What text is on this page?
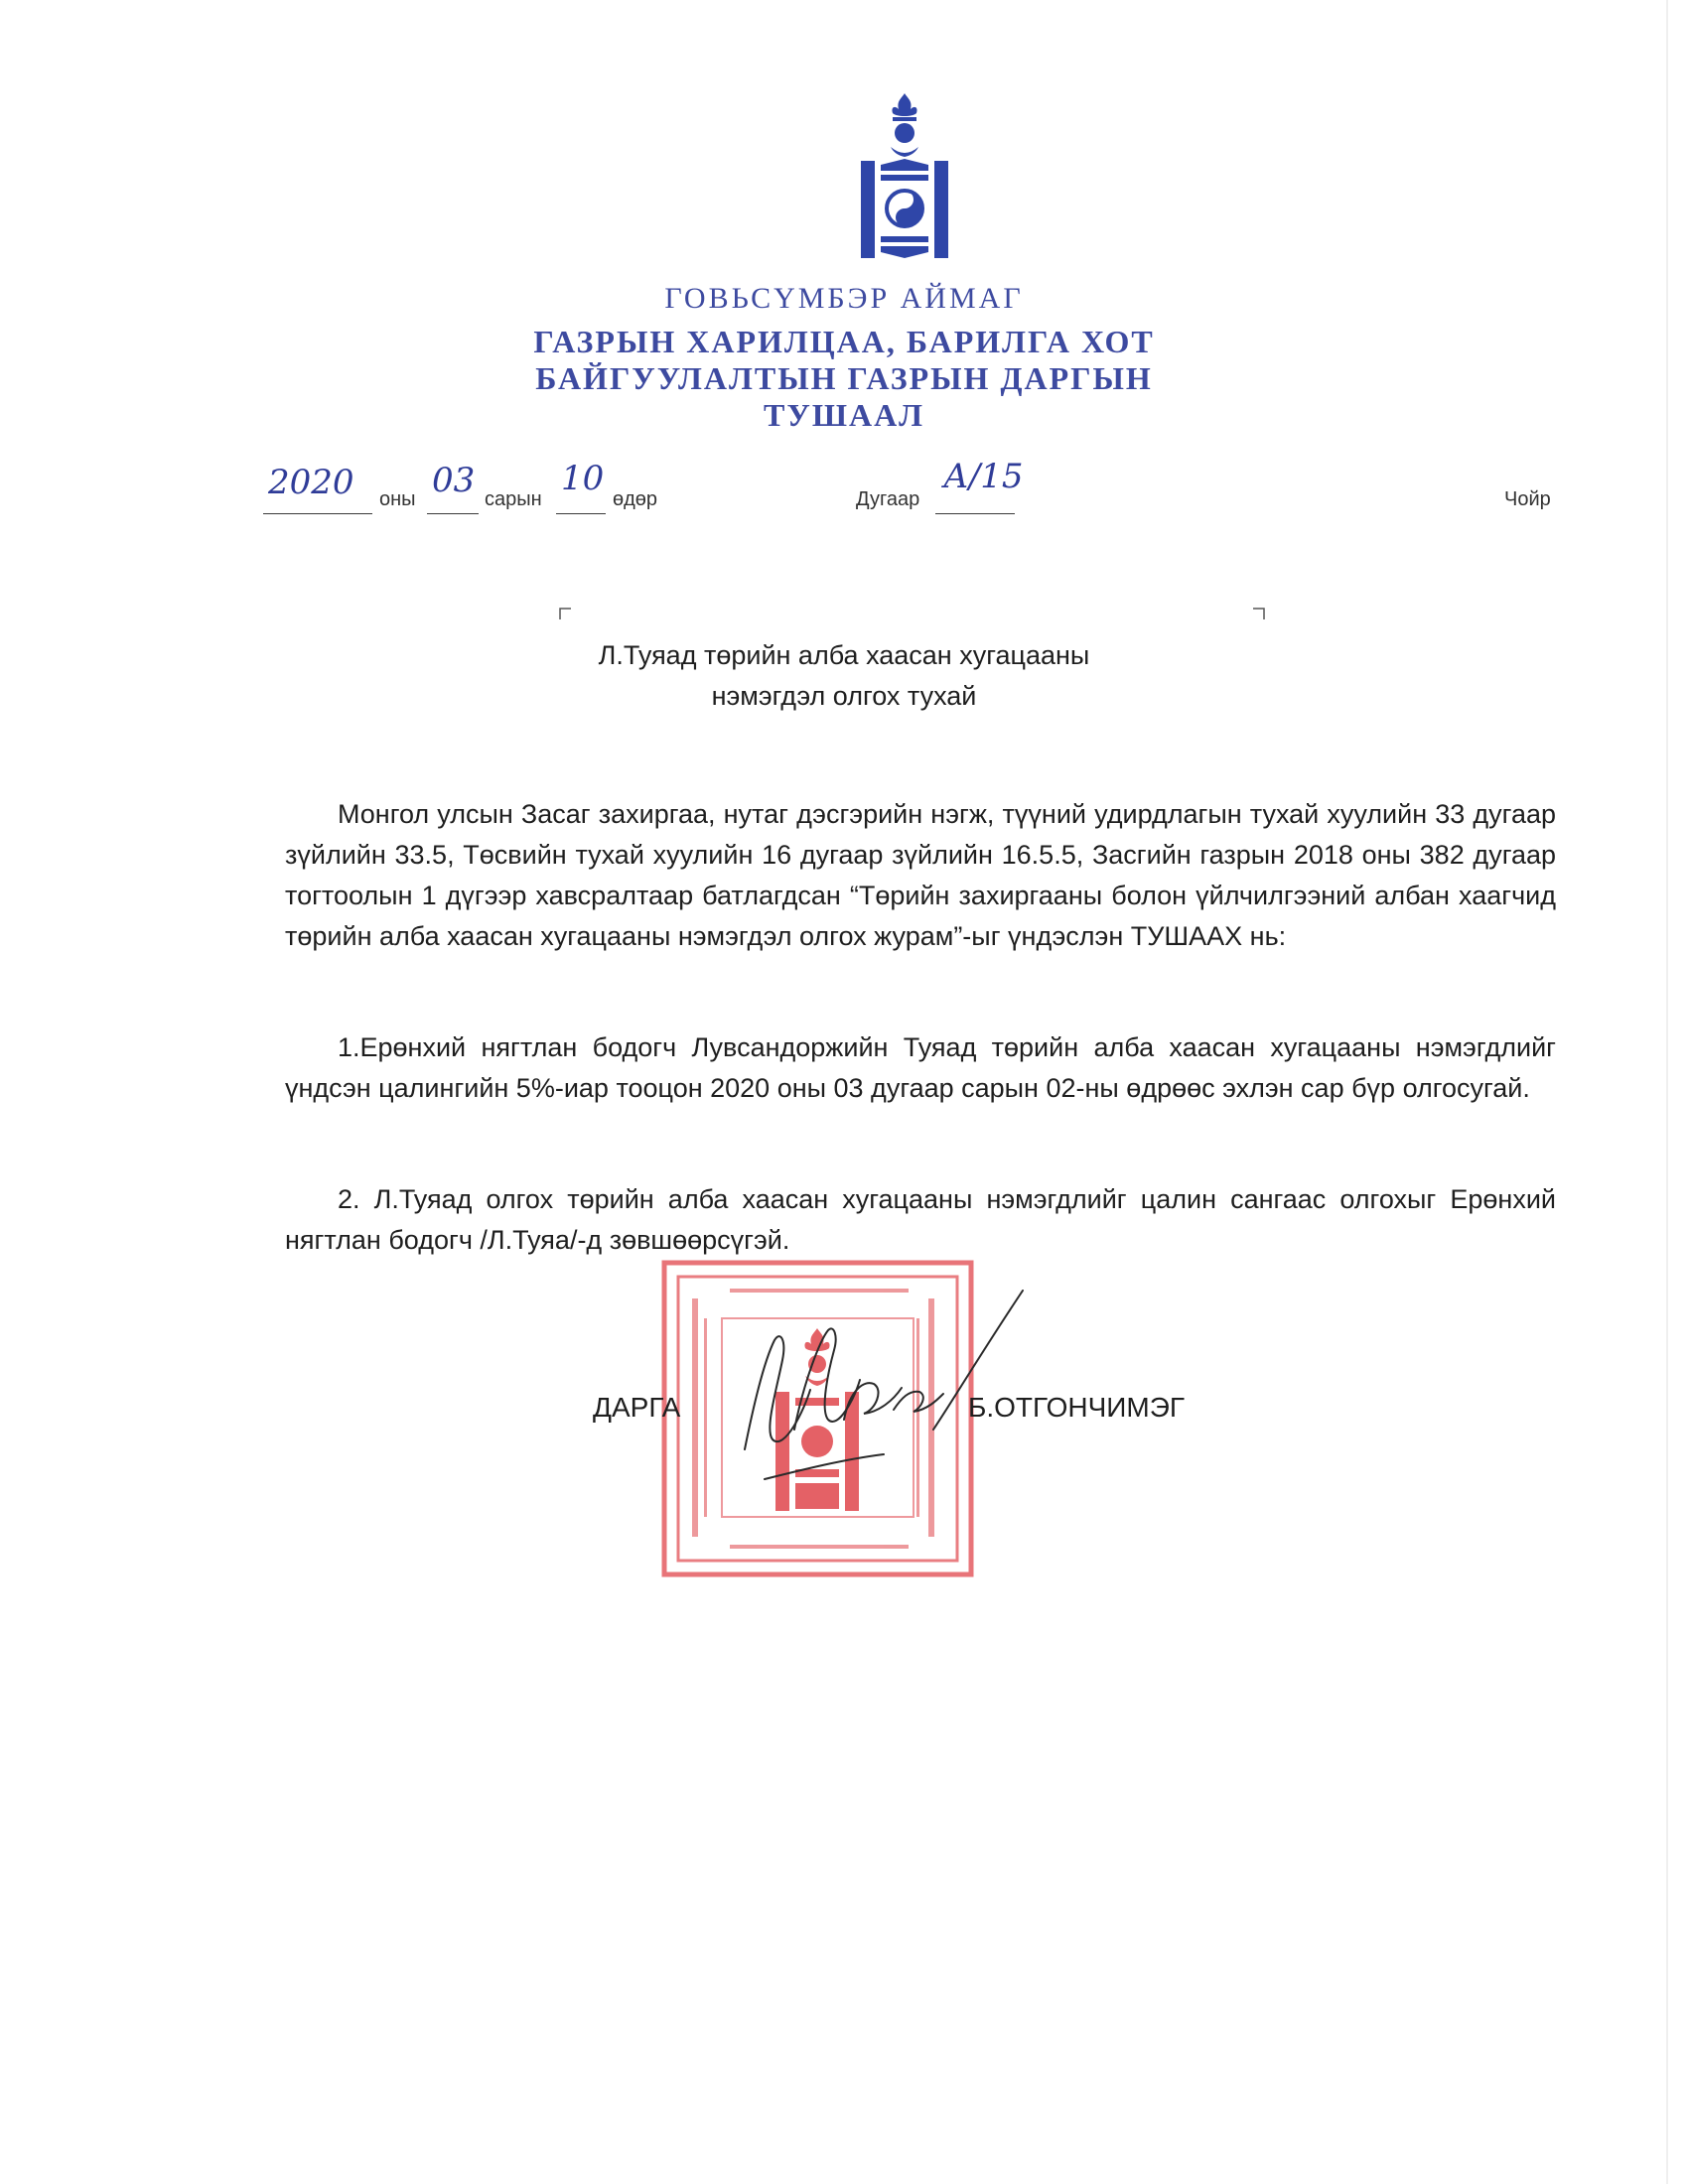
ГОВЬСҮМБЭР АЙМАГ
ГАЗРЫН ХАРИЛЦАА, БАРИЛГА ХОТ
БАЙГУУЛАЛТЫН ГАЗРЫН ДАРГЫН
ТУШААЛ
2020 оны 03 сарын
10
өдөр	Дугаар
А/15
Чойр
Л.Туяад төрийн алба хаасан хугацааны
нэмэгдэл олгох тухай

Монгол улсын Засаг захиргаа, нутаг дэсгэрийн нэгж, түүний удирдлагын тухай хуулийн 33 дугаар зүйлийн 33.5, Төсвийн тухай хуулийн 16 дугаар зүйлийн 16.5.5, Засгийн газрын 2018 оны 382 дугаар тогтоолын 1 дүгээр хавсралтаар батлагдсан “Төрийн захиргааны болон үйлчилгээний албан хаагчид төрийн алба хаасан хугацааны нэмэгдэл олгох журам”-ыг үндэслэн ТУШААХ нь:

1.Ерөнхий нягтлан бодогч Лувсандоржийн Туяад төрийн алба хаасан хугацааны нэмэгдлийг үндсэн цалингийн 5%-иар тооцон 2020 оны 03 дугаар сарын 02-ны өдрөөс эхлэн сар бүр олгосугай.

2. Л.Туяад олгох төрийн алба хаасан хугацааны нэмэгдлийг цалин сангаас олгохыг Ерөнхий нягтлан бодогч /Л.Туяа/-д зөвшөөрсүгэй.

ДАРГА	Б.ОТГОНЧИМЭГ
